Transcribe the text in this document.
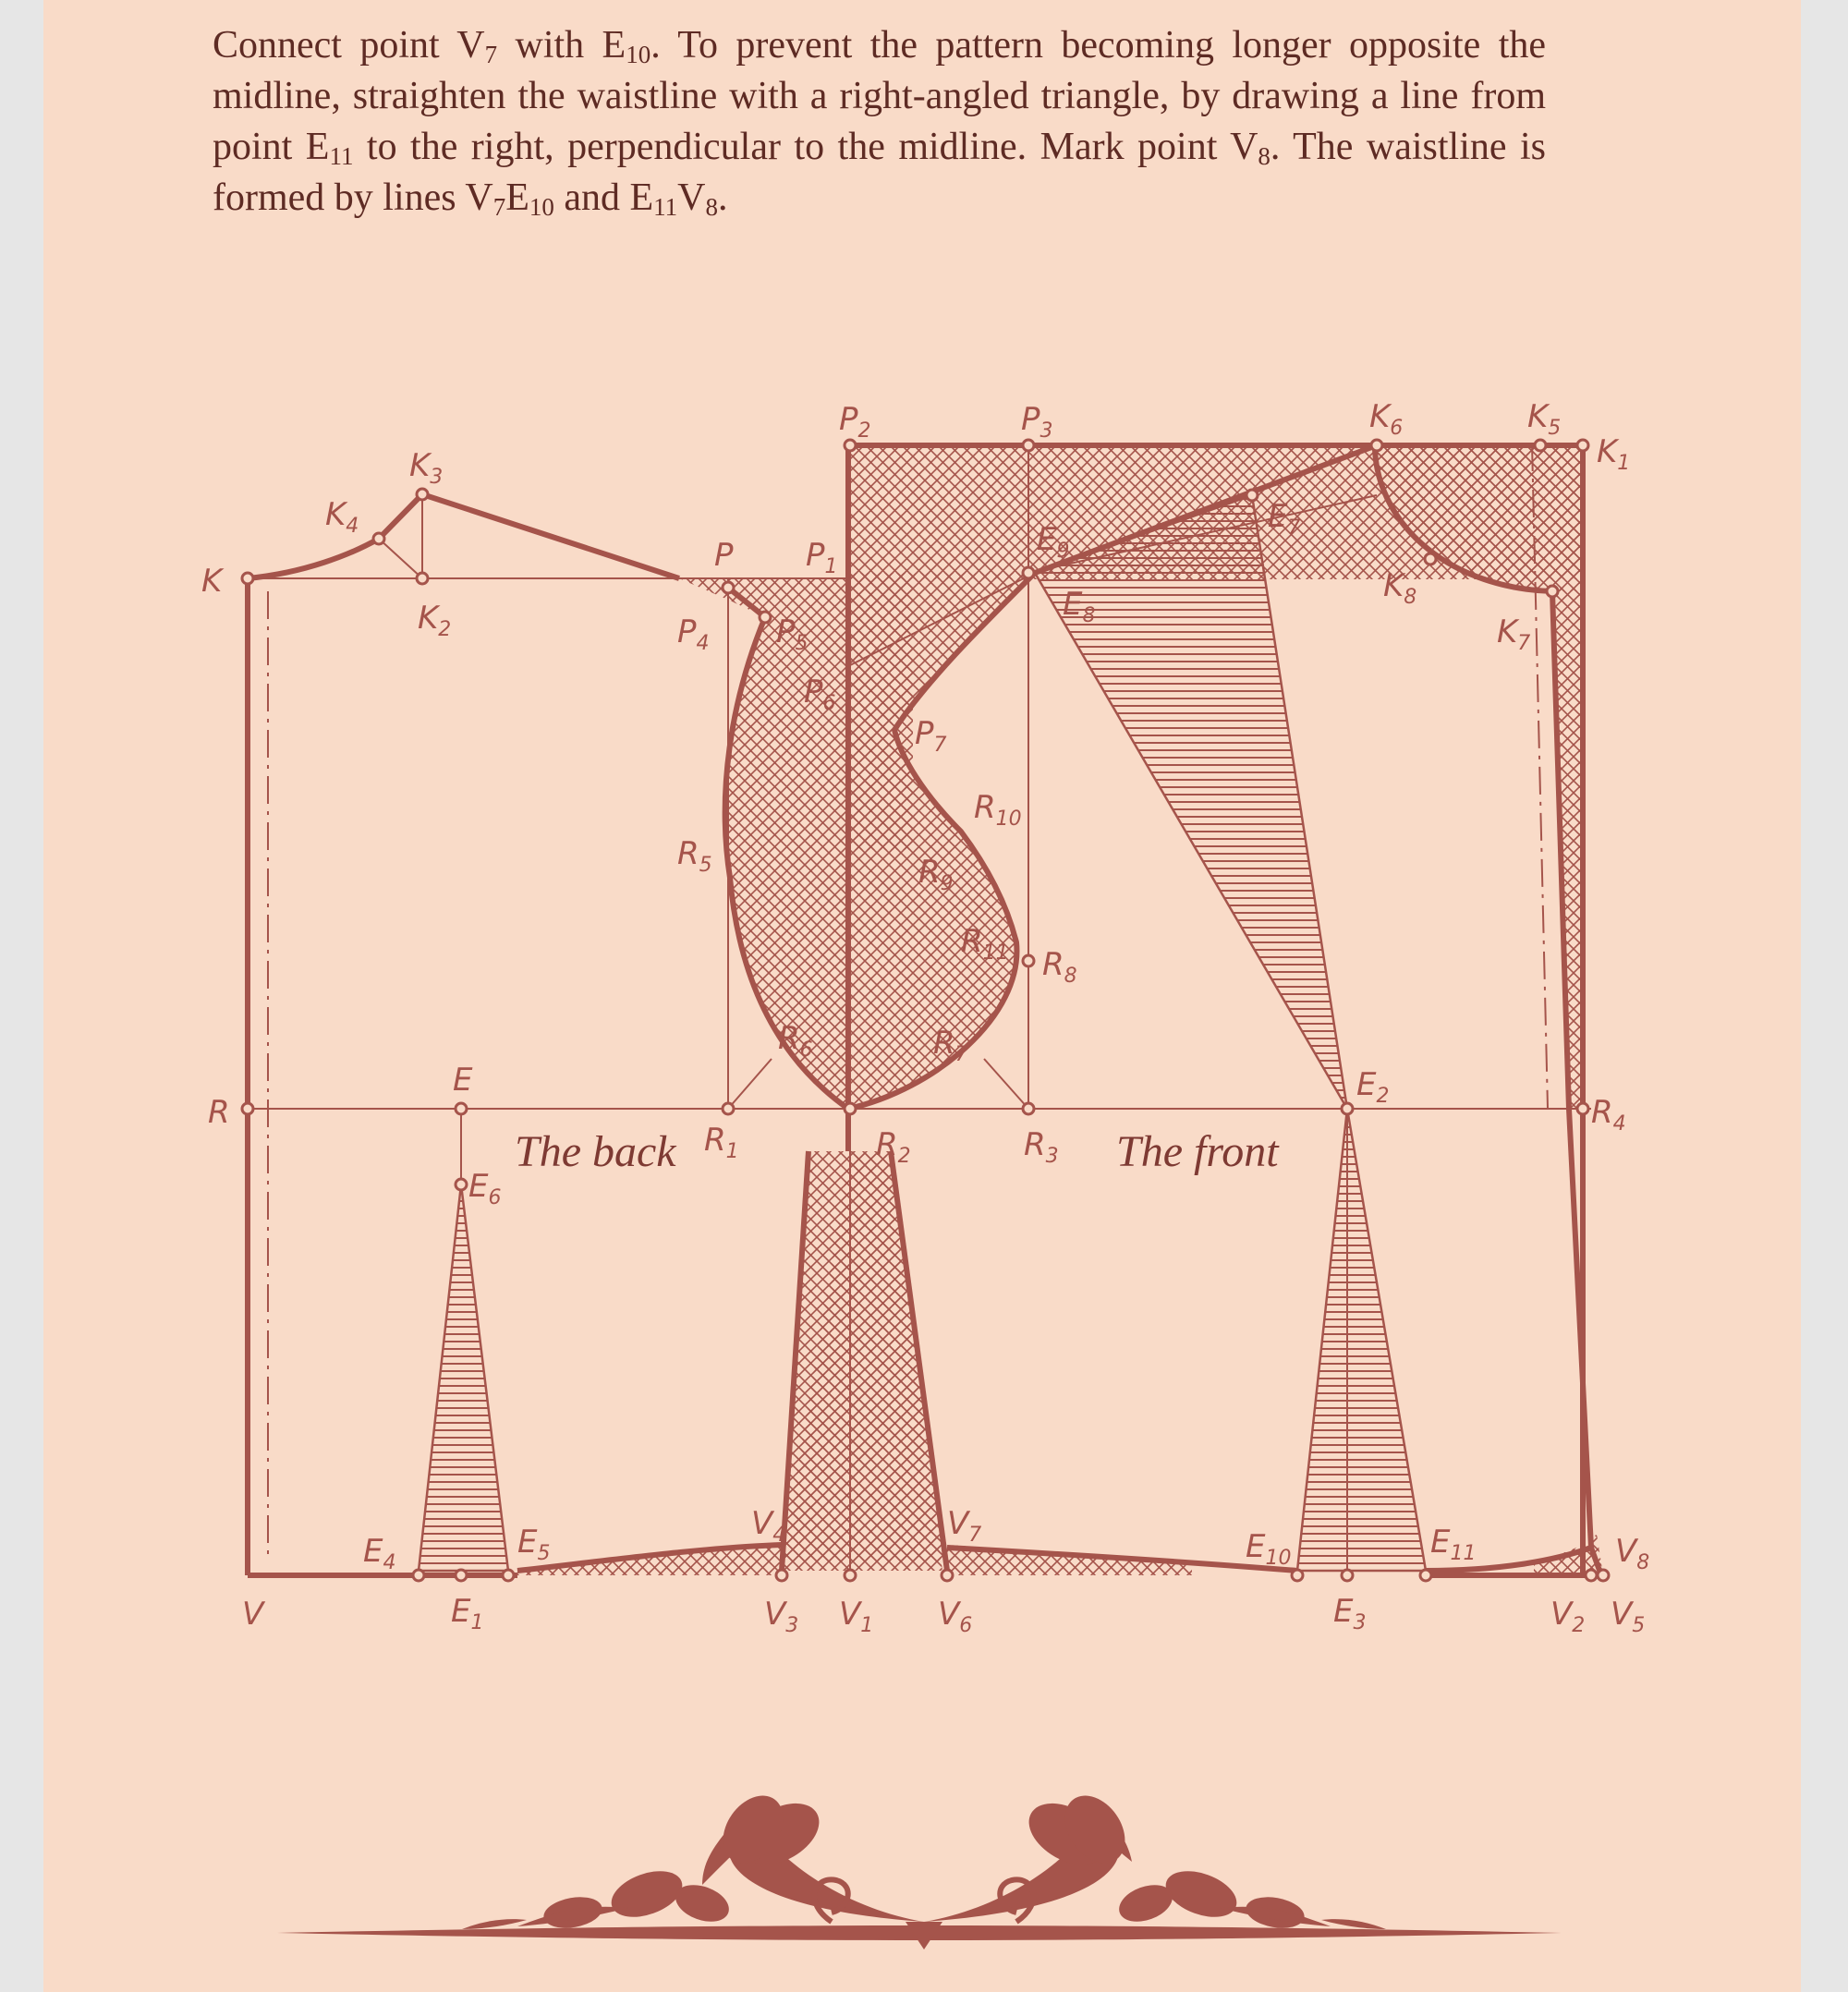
Connect point $V_7$ with $E_{10}$. To prevent the pattern becoming longer opposite the midline, straighten the waistline with a right-angled triangle, by drawing a line from point $E_{11}$ to the right, perpendicular to the midline. Mark point $V_8$. The waistline is formed by lines $V_7E_{10}$ and $E_{11}V_8$.

K
$K_1$
$K_2$
$K_3$
$K_4$
$K_5$
$K_6$
$K_7$
$K_8$
P $P_1$
$P_2$	$P_3$
$P_4$ $P_5$
$P_6$
$P_7$
R
$R_1$	$R_2$	$R_3$
$R_4$
$R_5$
$R_6$	$R_7$
$R_8$
$R_9$
$R_{10}$
$R_{11}$
E
$E_1$
$E_2$
$E_3$
$E_4$
$E_5$
$E_6$
$E_7$
$E_8$
$E_9$
$E_{10}$	$E_{11}$
V	$V_1$	$V_2$
$V_3$
$V_4$
$V_5$
$V_6$
$V_7$	$V_8$
The back	The front
